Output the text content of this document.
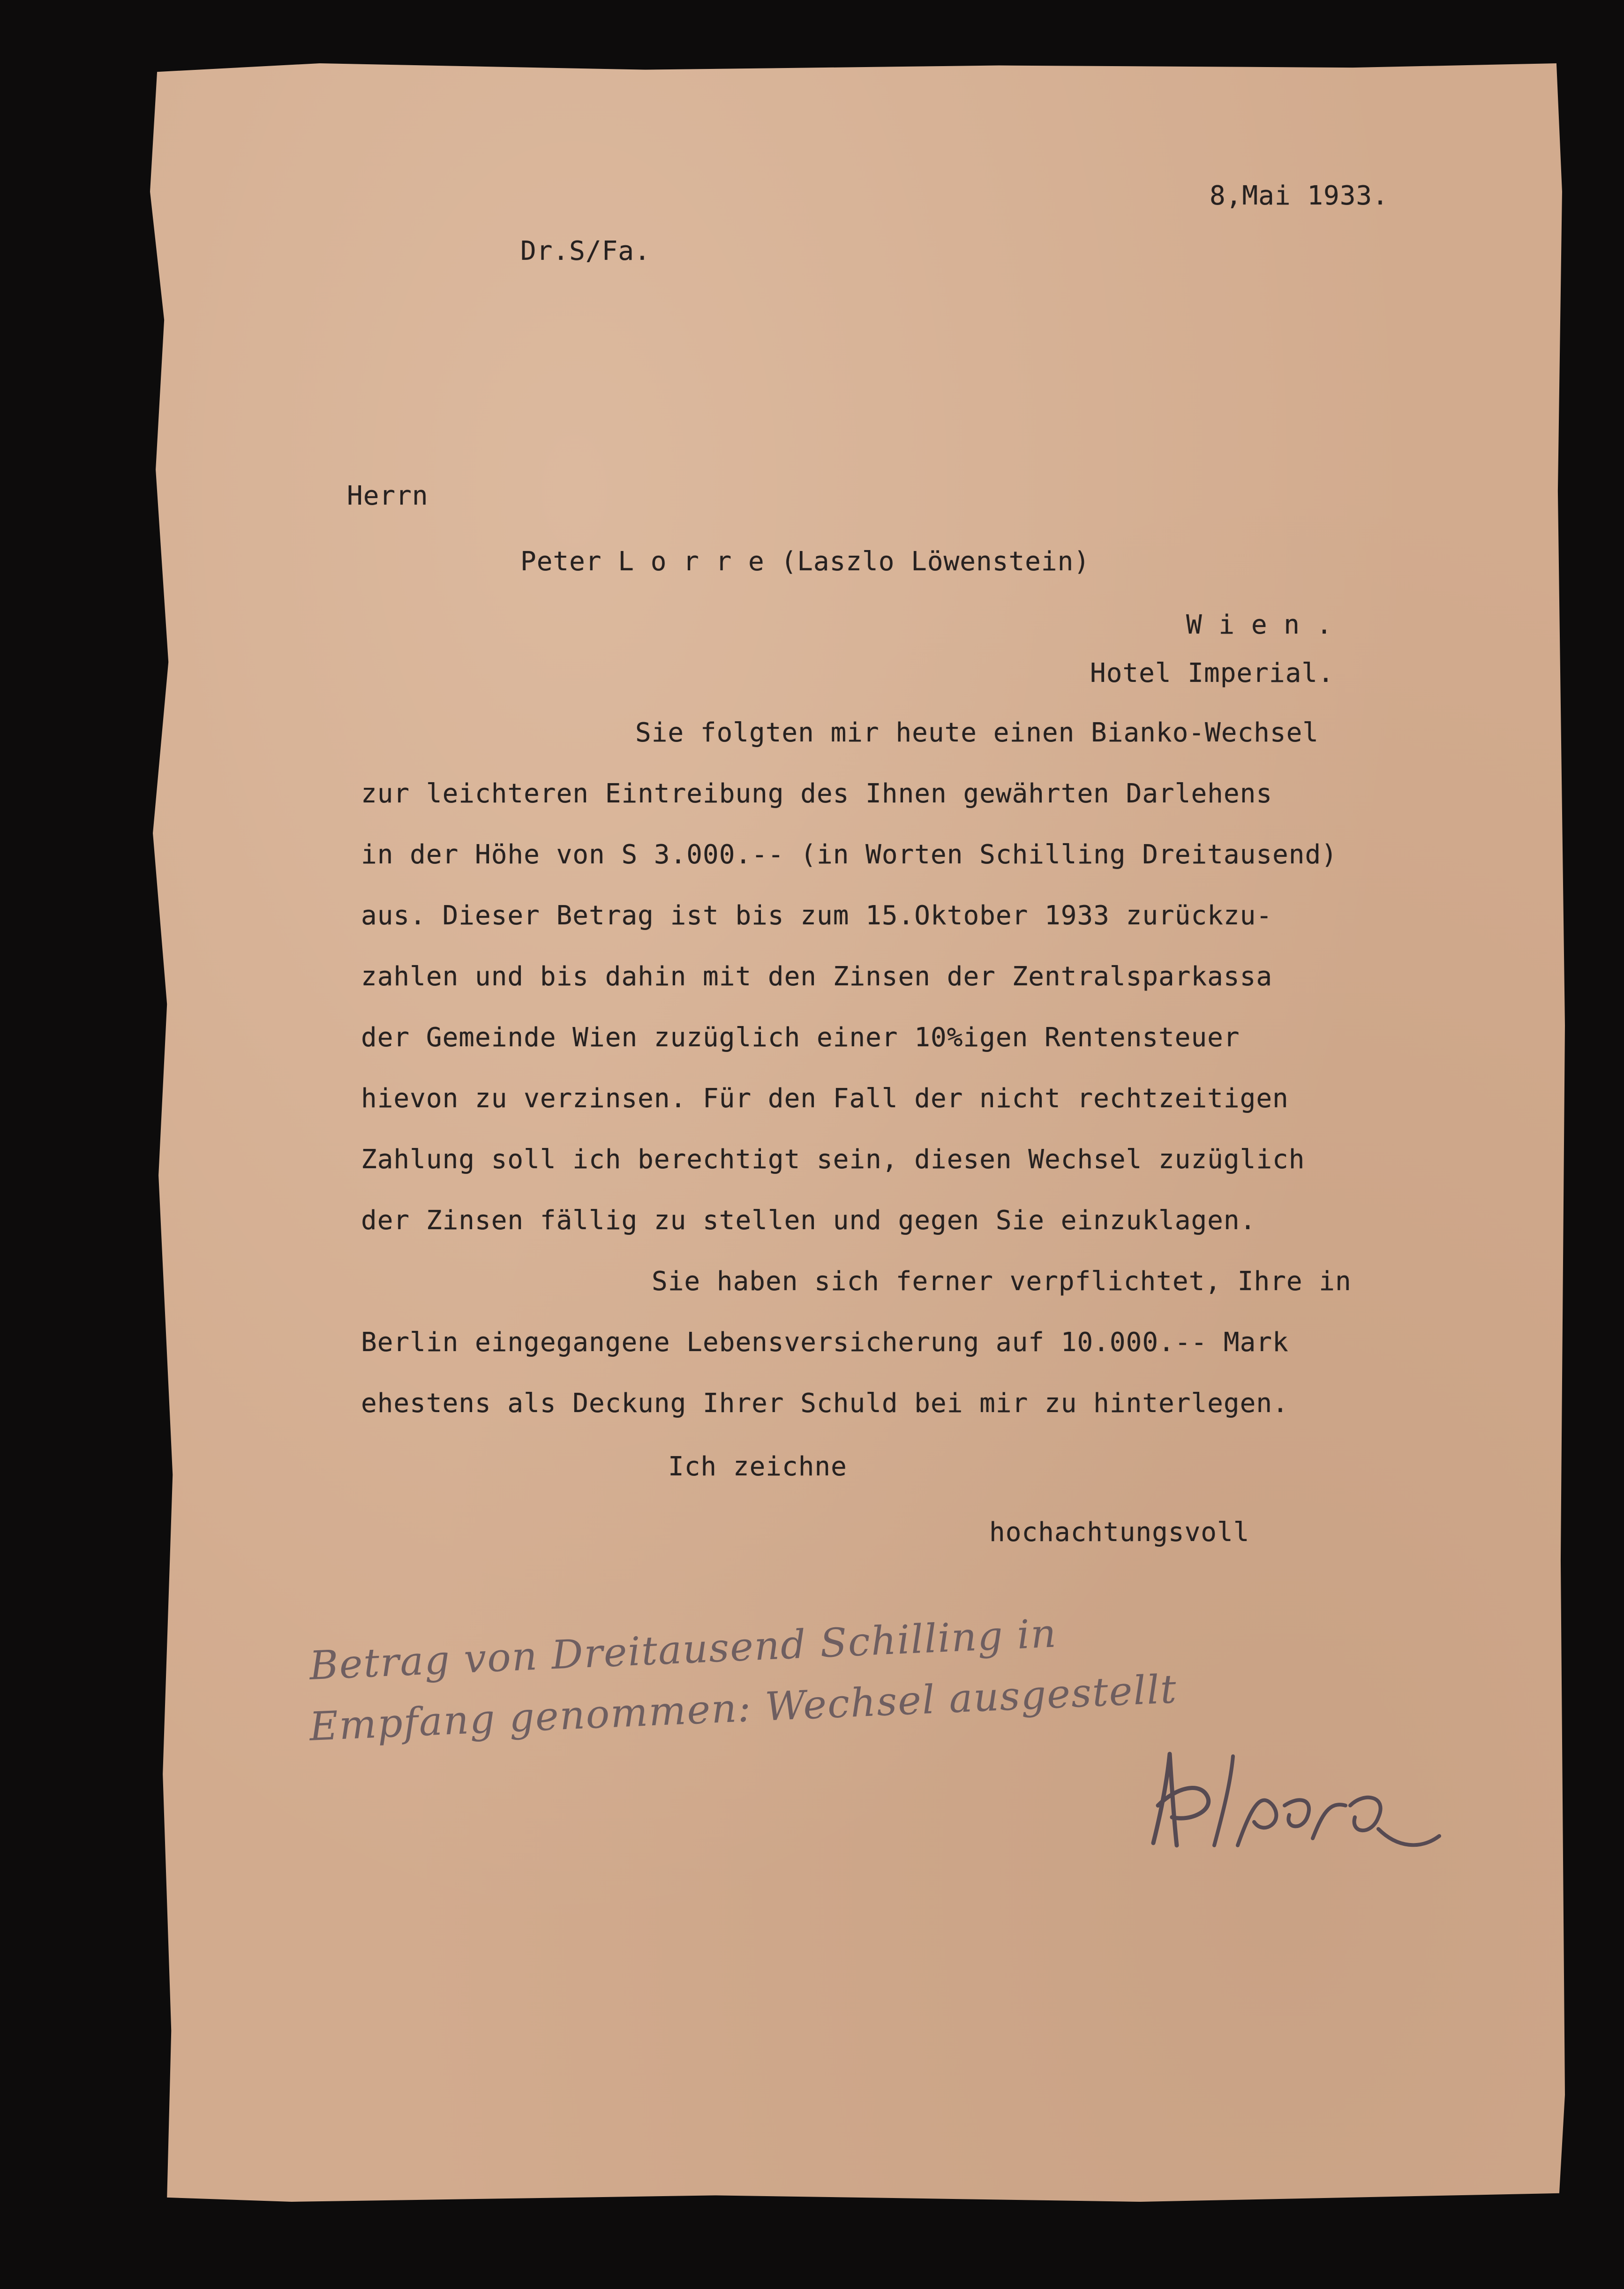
8,Mai 1933.
Dr.S/Fa.
Herrn
Peter L o r r e (Laszlo Löwenstein)
W i e n .
Hotel Imperial.
Sie folgten mir heute einen Bianko-Wechsel
zur leichteren Eintreibung des Ihnen gewährten Darlehens
in der Höhe von S 3.000.-- (in Worten Schilling Dreitausend)
aus. Dieser Betrag ist bis zum 15.Oktober 1933 zurückzu-
zahlen und bis dahin mit den Zinsen der Zentralsparkassa
der Gemeinde Wien zuzüglich einer 10%igen Rentensteuer
hievon zu verzinsen. Für den Fall der nicht rechtzeitigen
Zahlung soll ich berechtigt sein, diesen Wechsel zuzüglich
der Zinsen fällig zu stellen und gegen Sie einzuklagen.
Sie haben sich ferner verpflichtet, Ihre in
Berlin eingegangene Lebensversicherung auf 10.000.-- Mark
ehestens als Deckung Ihrer Schuld bei mir zu hinterlegen.
Ich zeichne
hochachtungsvoll
Betrag von Dreitausend Schilling in
Empfang genommen: Wechsel ausgestellt
